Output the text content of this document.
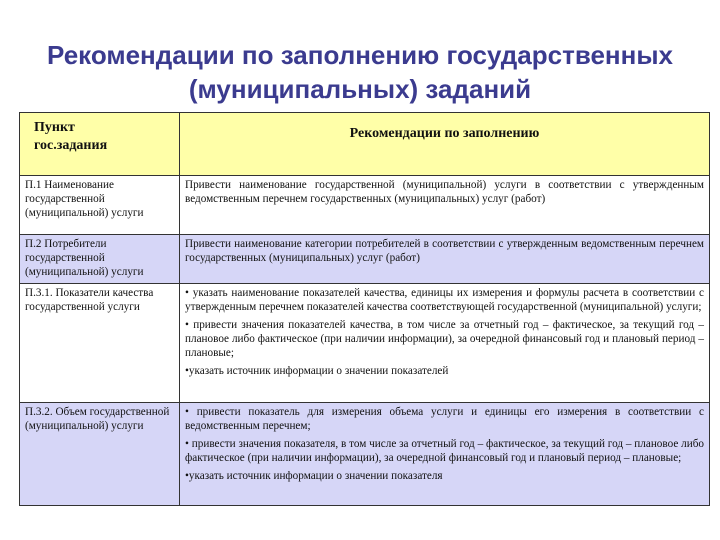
Рекомендации по заполнению государственных
(муниципальных) заданий
Пункт
гос.задания	Рекомендации по заполнению
П.1 Наименование государственной (муниципальной) услуги	Привести наименование государственной (муниципальной) услуги в соответствии с утвержденным ведомственным перечнем государственных (муниципальных) услуг (работ)

П.2 Потребители государственной (муниципальной) услуги	Привести наименование категории потребителей в соответствии с утвержденным ведомственным перечнем государственных (муниципальных) услуг (работ)

П.3.1. Показатели качества государственной услуги	• указать наименование показателей качества, единицы их измерения и формулы расчета в соответствии с утвержденным перечнем показателей качества соответствующей государственной (муниципальной) услуги;

• привести значения показателей качества, в том числе за отчетный год – фактическое, за текущий год – плановое либо фактическое (при наличии информации), за очередной финансовый год и плановый период – плановые;

•указать источник информации о значении показателей

П.3.2. Объем государственной (муниципальной) услуги	• привести показатель для измерения объема услуги и единицы его измерения в соответствии с ведомственным перечнем;

• привести значения показателя, в том числе за отчетный год – фактическое, за текущий год – плановое либо фактическое (при наличии информации), за очередной финансовый год и плановый период – плановые;

•указать источник информации о значении показателя
